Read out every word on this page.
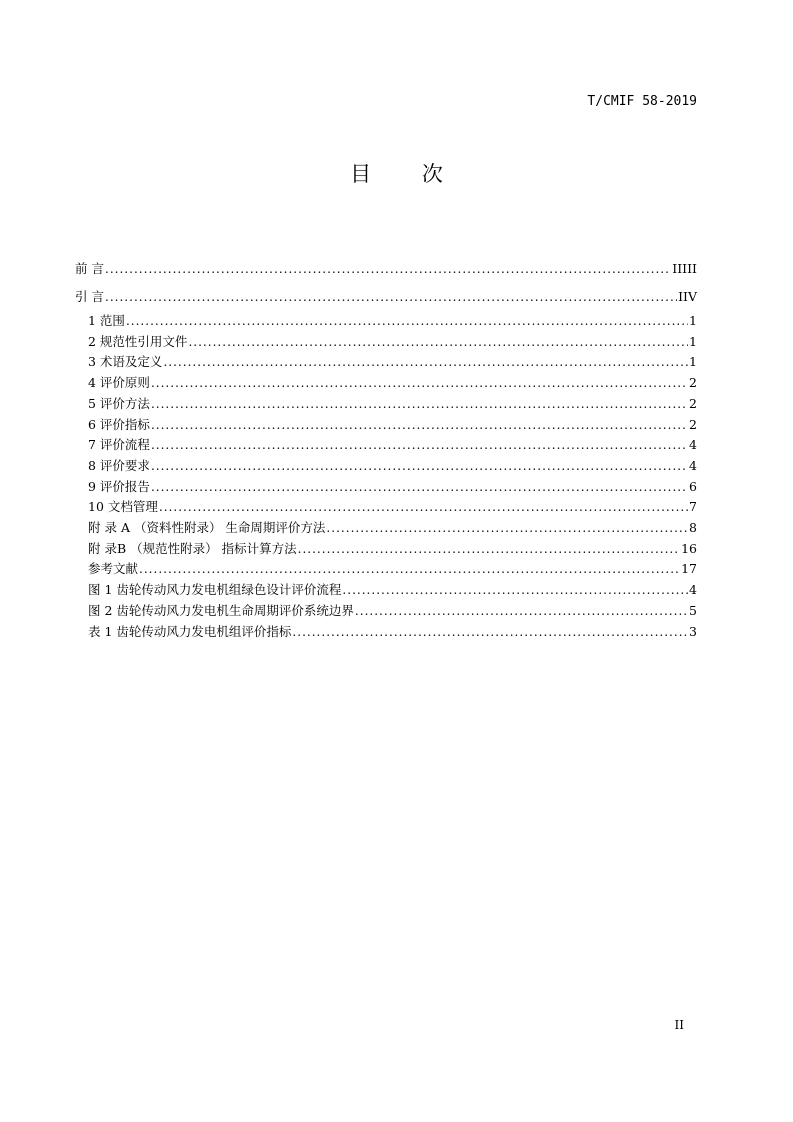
T/CMIF 58-2019
目 次
前 言 . . .	IIIII
引 言 . . .	IIV
1 范围 . . .	1
2 规范性引用文件 . . .	1
3 术语及定义 . . .	1
4 评价原则 . . .	2
5 评价方法 . . .	2
6 评价指标 . . .	2
7 评价流程 . . .	4
8 评价要求 . . .	4
9 评价报告 . . .	6
10 文档管理 . . .	7
附 录 A （资料性附录） 生命周期评价方法 . . .	8
附 录B （规范性附录） 指标计算方法 . . .	16
参考文献 . . .	17
图 1 齿轮传动风力发电机组绿色设计评价流程 . . .	4
图 2 齿轮传动风力发电机生命周期评价系统边界 . . .	5
表 1 齿轮传动风力发电机组评价指标 . . .	3
II
